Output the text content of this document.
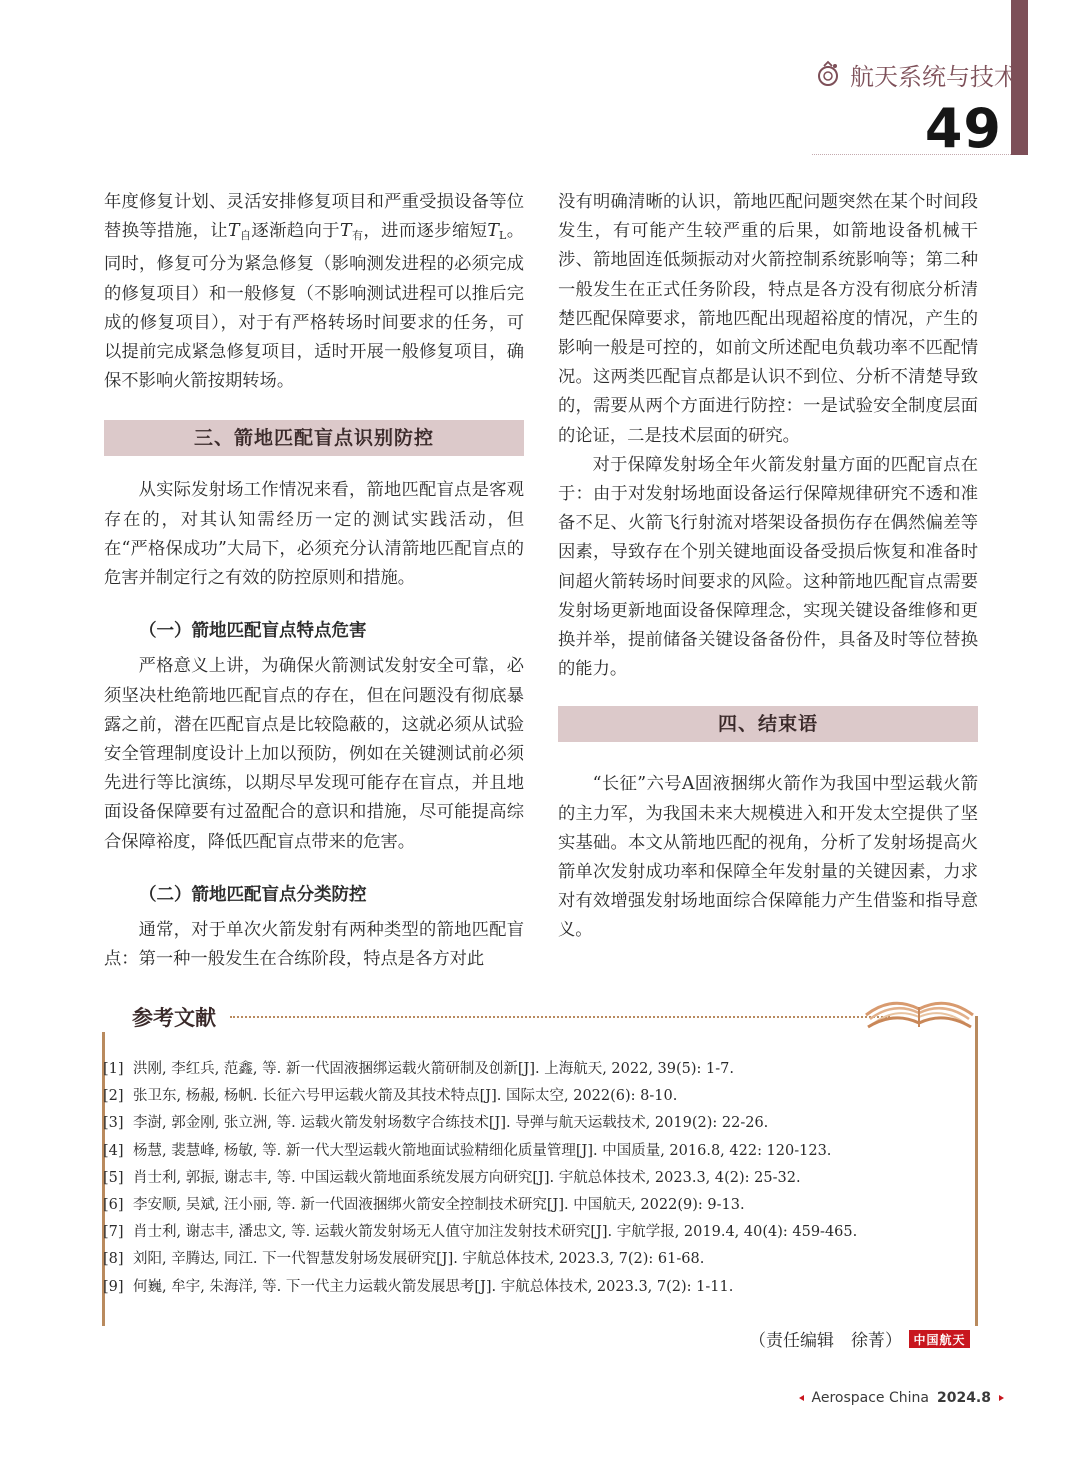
航天系统与技术
49

年度修复计划、灵活安排修复项目和严重受损设备等位替换等措施，让$T_自$逐渐趋向于$T_有$，进而逐步缩短$T_L$。同时，修复可分为紧急修复（影响测发进程的必须完成的修复项目）和一般修复（不影响测试进程可以推后完成的修复项目），对于有严格转场时间要求的任务，可以提前完成紧急修复项目，适时开展一般修复项目，确保不影响火箭按期转场。

三、箭地匹配盲点识别防控

从实际发射场工作情况来看，箭地匹配盲点是客观存在的，对其认知需经历一定的测试实践活动，但在“严格保成功”大局下，必须充分认清箭地匹配盲点的危害并制定行之有效的防控原则和措施。

（一）箭地匹配盲点特点危害

严格意义上讲，为确保火箭测试发射安全可靠，必须坚决杜绝箭地匹配盲点的存在，但在问题没有彻底暴露之前，潜在匹配盲点是比较隐蔽的，这就必须从试验安全管理制度设计上加以预防，例如在关键测试前必须先进行等比演练，以期尽早发现可能存在盲点，并且地面设备保障要有过盈配合的意识和措施，尽可能提高综合保障裕度，降低匹配盲点带来的危害。

（二）箭地匹配盲点分类防控

通常，对于单次火箭发射有两种类型的箭地匹配盲点：第一种一般发生在合练阶段，特点是各方对此

没有明确清晰的认识，箭地匹配问题突然在某个时间段发生，有可能产生较严重的后果，如箭地设备机械干涉、箭地固连低频振动对火箭控制系统影响等；第二种一般发生在正式任务阶段，特点是各方没有彻底分析清楚匹配保障要求，箭地匹配出现超裕度的情况，产生的影响一般是可控的，如前文所述配电负载功率不匹配情况。这两类匹配盲点都是认识不到位、分析不清楚导致的，需要从两个方面进行防控：一是试验安全制度层面的论证，二是技术层面的研究。

对于保障发射场全年火箭发射量方面的匹配盲点在于：由于对发射场地面设备运行保障规律研究不透和准备不足、火箭飞行射流对塔架设备损伤存在偶然偏差等因素，导致存在个别关键地面设备受损后恢复和准备时间超火箭转场时间要求的风险。这种箭地匹配盲点需要发射场更新地面设备保障理念，实现关键设备维修和更换并举，提前储备关键设备备份件，具备及时等位替换的能力。

四、结束语

“长征”六号A固液捆绑火箭作为我国中型运载火箭的主力军，为我国未来大规模进入和开发太空提供了坚实基础。本文从箭地匹配的视角，分析了发射场提高火箭单次发射成功率和保障全年发射量的关键因素，力求对有效增强发射场地面综合保障能力产生借鉴和指导意义。

参考文献
[1] 洪刚, 李红兵, 范鑫, 等. 新一代固液捆绑运载火箭研制及创新[J]. 上海航天, 2022, 39(5): 1-7.
[2] 张卫东, 杨赧, 杨帆. 长征六号甲运载火箭及其技术特点[J]. 国际太空, 2022(6): 8-10.
[3] 李澍, 郭金刚, 张立洲, 等. 运载火箭发射场数字合练技术[J]. 导弹与航天运载技术, 2019(2): 22-26.
[4] 杨慧, 裴慧峰, 杨敏, 等. 新一代大型运载火箭地面试验精细化质量管理[J]. 中国质量, 2016.8, 422: 120-123.
[5] 肖士利, 郭振, 谢志丰, 等. 中国运载火箭地面系统发展方向研究[J]. 宇航总体技术, 2023.3, 4(2): 25-32.
[6] 李安顺, 吴斌, 汪小丽, 等. 新一代固液捆绑火箭安全控制技术研究[J]. 中国航天, 2022(9): 9-13.
[7] 肖士利, 谢志丰, 潘忠文, 等. 运载火箭发射场无人值守加注发射技术研究[J]. 宇航学报, 2019.4, 40(4): 459-465.
[8] 刘阳, 辛腾达, 同江. 下一代智慧发射场发展研究[J]. 宇航总体技术, 2023.3, 7(2): 61-68.
[9] 何巍, 牟宇, 朱海洋, 等. 下一代主力运载火箭发展思考[J]. 宇航总体技术, 2023.3, 7(2): 1-11.
（责任编辑　徐菁） 中国航天
Aerospace China 2024.8
